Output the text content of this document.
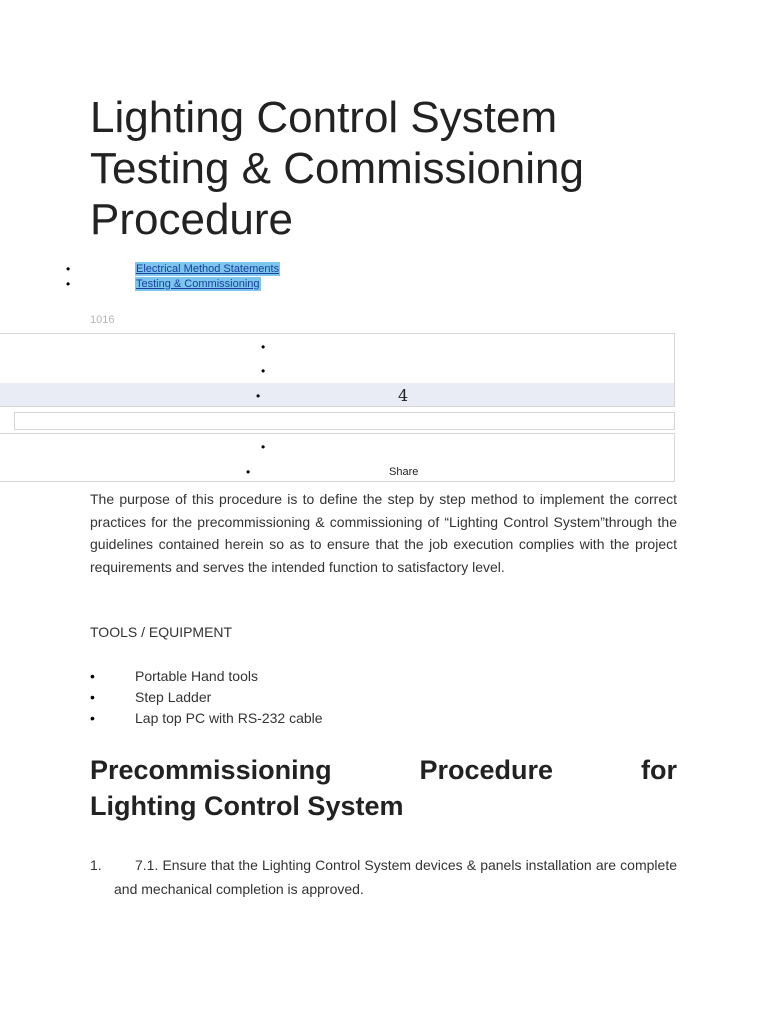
Lighting Control System
Testing & Commissioning
Procedure
• Electrical Method Statements
• Testing & Commissioning
1016
•
•
•	4
•
•	Share

The purpose of this procedure is to define the step by step method to implement the correct practices for the precommissioning & commissioning of “Lighting Control System”through the guidelines contained herein so as to ensure that the job execution complies with the project requirements and serves the intended function to satisfactory level.

TOOLS / EQUIPMENT
•	Portable Hand tools
•	Step Ladder
•	Lap top PC with RS-232 cable
Precommissioning	Procedure	for
Lighting Control System
1.	7.1. Ensure that the Lighting Control System devices & panels installation are complete and mechanical completion is approved.
